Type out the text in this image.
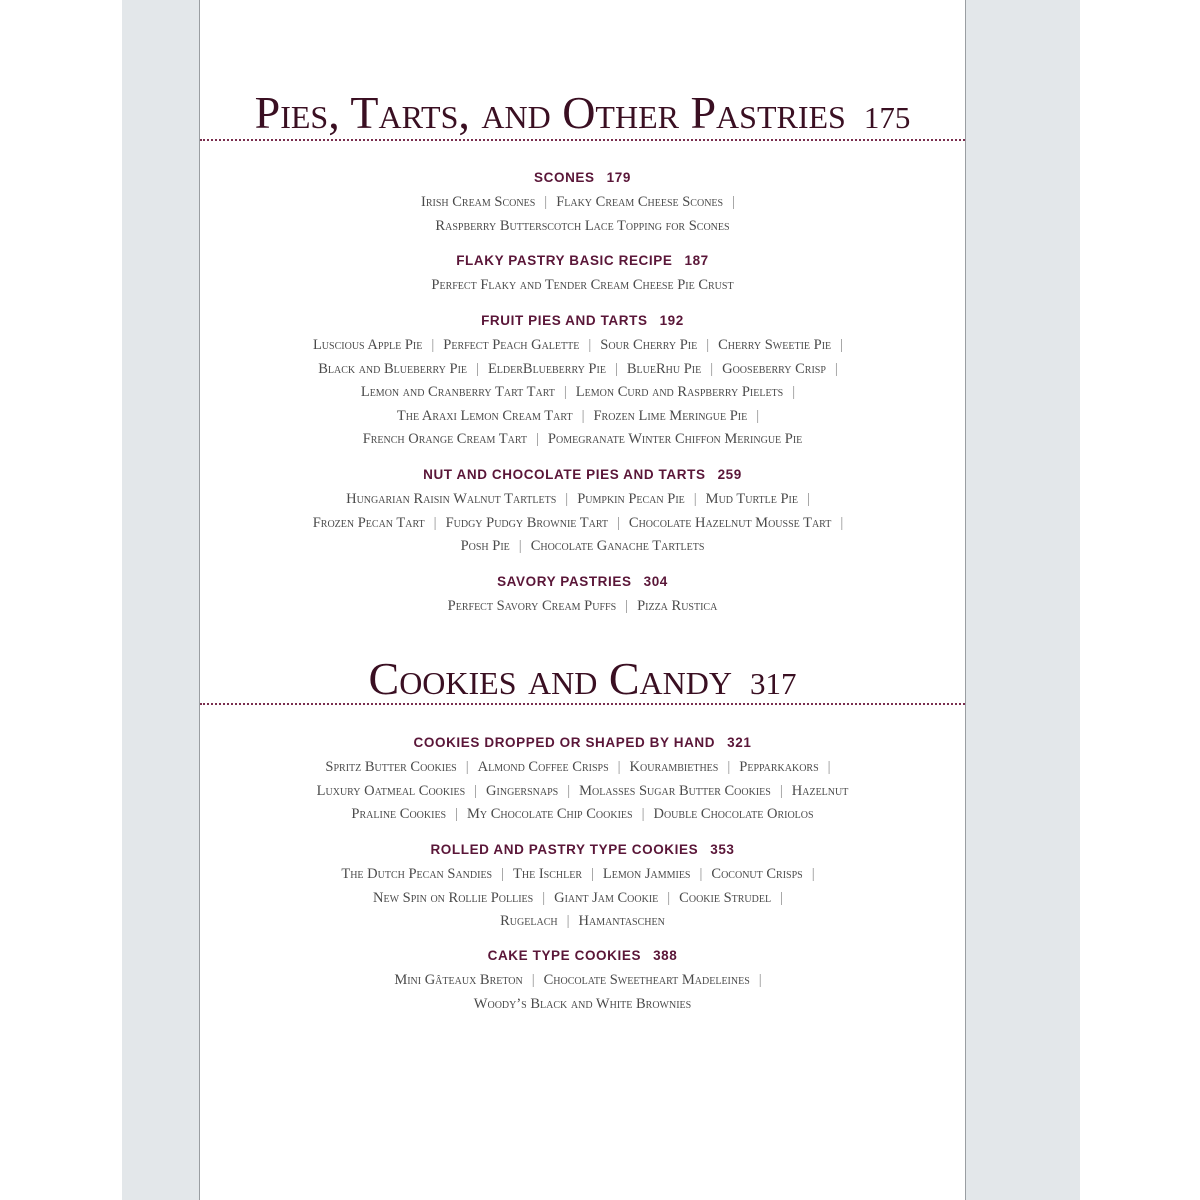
Pies, Tarts, and Other Pastries 175
SCONES 179
Irish Cream Scones | Flaky Cream Cheese Scones |
Raspberry Butterscotch Lace Topping for Scones
FLAKY PASTRY BASIC RECIPE 187
Perfect Flaky and Tender Cream Cheese Pie Crust
FRUIT PIES AND TARTS 192
Luscious Apple Pie | Perfect Peach Galette | Sour Cherry Pie | Cherry Sweetie Pie |
Black and Blueberry Pie | ElderBlueberry Pie | BlueRhu Pie | Gooseberry Crisp |
Lemon and Cranberry Tart Tart | Lemon Curd and Raspberry Pielets |
The Araxi Lemon Cream Tart | Frozen Lime Meringue Pie |
French Orange Cream Tart | Pomegranate Winter Chiffon Meringue Pie
NUT AND CHOCOLATE PIES AND TARTS 259
Hungarian Raisin Walnut Tartlets | Pumpkin Pecan Pie | Mud Turtle Pie |
Frozen Pecan Tart | Fudgy Pudgy Brownie Tart | Chocolate Hazelnut Mousse Tart |
Posh Pie | Chocolate Ganache Tartlets
SAVORY PASTRIES 304
Perfect Savory Cream Puffs | Pizza Rustica
Cookies and Candy 317
COOKIES DROPPED OR SHAPED BY HAND 321
Spritz Butter Cookies | Almond Coffee Crisps | Kourambiethes | Pepparkakors |
Luxury Oatmeal Cookies | Gingersnaps | Molasses Sugar Butter Cookies | Hazelnut
Praline Cookies | My Chocolate Chip Cookies | Double Chocolate Oriolos
ROLLED AND PASTRY TYPE COOKIES 353
The Dutch Pecan Sandies | The Ischler | Lemon Jammies | Coconut Crisps |
New Spin on Rollie Pollies | Giant Jam Cookie | Cookie Strudel |
Rugelach | Hamantaschen
CAKE TYPE COOKIES 388
Mini Gâteaux Breton | Chocolate Sweetheart Madeleines |
Woody’s Black and White Brownies
